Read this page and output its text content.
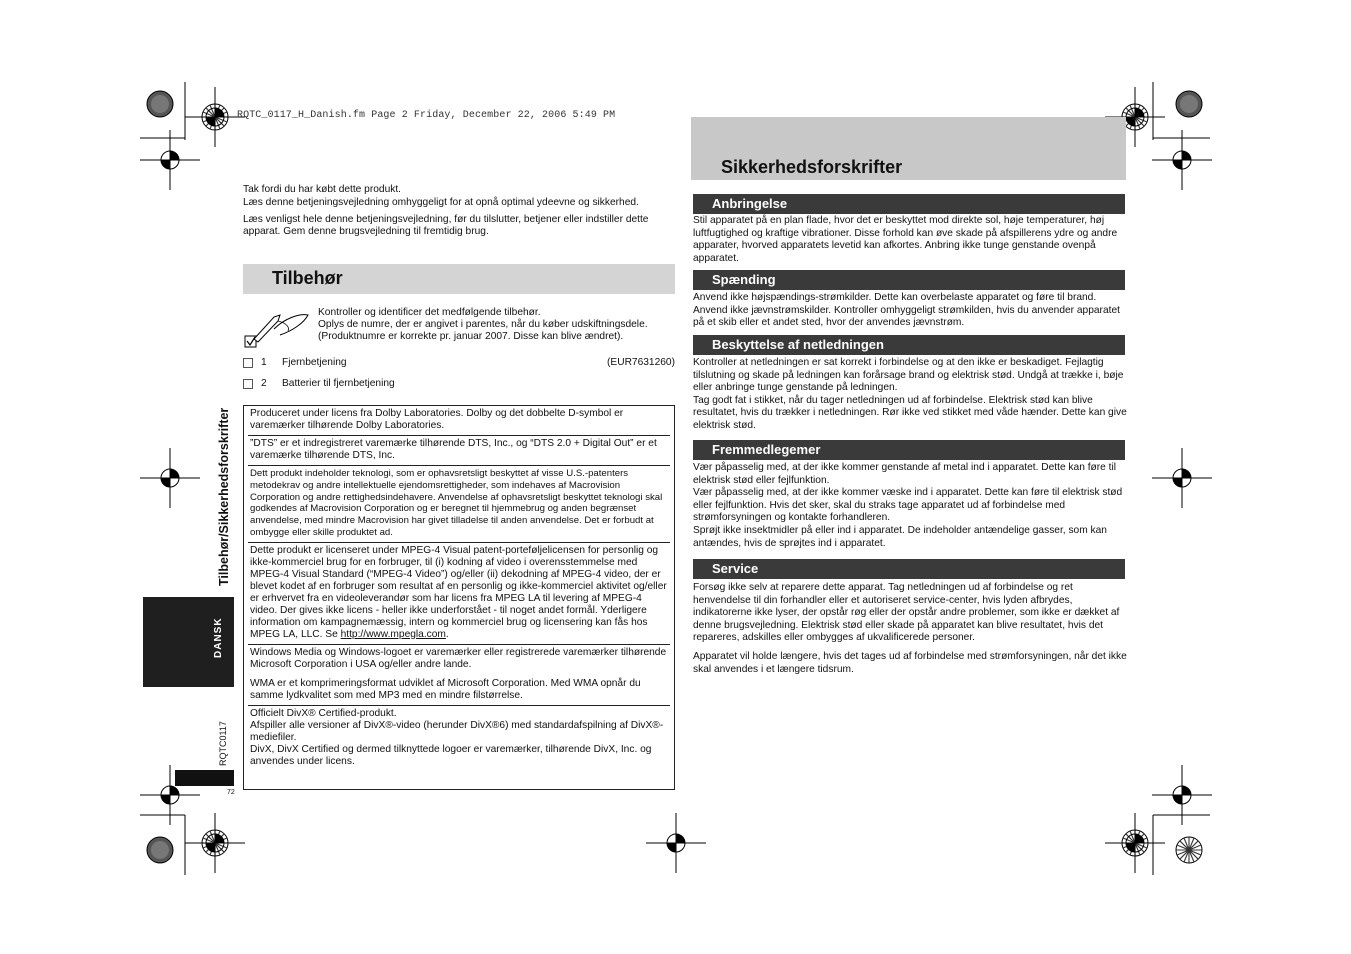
RQTC_0117_H_Danish.fm Page 2 Friday, December 22, 2006 5:49 PM

Tak fordi du har købt dette produkt.

Læs denne betjeningsvejledning omhyggeligt for at opnå optimal ydeevne og sikkerhed.

Læs venligst hele denne betjeningsvejledning, før du tilslutter, betjener eller indstiller dette apparat. Gem denne brugsvejledning til fremtidig brug.

Tilbehør
Kontroller og identificer det medfølgende tilbehør.
Oplys de numre, der er angivet i parentes, når du køber udskiftningsdele.
(Produktnumre er korrekte pr. januar 2007. Disse kan blive ændret).
1 Fjernbetjening	(EUR7631260)
2 Batterier til fjernbetjening

Produceret under licens fra Dolby Laboratories. Dolby og det dobbelte D-symbol er varemærker tilhørende Dolby Laboratories.

”DTS” er et indregistreret varemærke tilhørende DTS, Inc., og “DTS 2.0 + Digital Out” er et varemærke tilhørende DTS, Inc.

Dett produkt indeholder teknologi, som er ophavsretsligt beskyttet af visse U.S.-patenters metodekrav og andre intellektuelle ejendomsrettigheder, som indehaves af Macrovision Corporation og andre rettighedsindehavere. Anvendelse af ophavsretsligt beskyttet teknologi skal godkendes af Macrovision Corporation og er beregnet til hjemmebrug og anden begrænset anvendelse, med mindre Macrovision har givet tilladelse til anden anvendelse. Det er forbudt at ombygge eller skille produktet ad.

Dette produkt er licenseret under MPEG-4 Visual patent-porteføljelicensen for personlig og ikke-kommerciel brug for en forbruger, til (i) kodning af video i overensstemmelse med MPEG-4 Visual Standard (“MPEG-4 Video”) og/eller (ii) dekodning af MPEG-4 video, der er blevet kodet af en forbruger som resultat af en personlig og ikke-kommerciel aktivitet og/eller er erhvervet fra en videoleverandør som har licens fra MPEG LA til levering af MPEG-4 video. Der gives ikke licens - heller ikke underforstået - til noget andet formål. Yderligere information om kampagnemæssig, intern og kommerciel brug og licensering kan fås hos MPEG LA, LLC. Se http://www.mpegla.com.

Windows Media og Windows-logoet er varemærker eller registrerede varemærker tilhørende Microsoft Corporation i USA og/eller andre lande.

WMA er et komprimeringsformat udviklet af Microsoft Corporation. Med WMA opnår du samme lydkvalitet som med MP3 med en mindre filstørrelse.

Officielt DivX® Certified-produkt.

Afspiller alle versioner af DivX®-video (herunder DivX®6) med standardafspilning af DivX®-mediefiler.

DivX, DivX Certified og dermed tilknyttede logoer er varemærker, tilhørende DivX, Inc. og anvendes under licens.

Tilbehør/Sikkerhedsforskrifter
DANSK
RQTC0117
72
Sikkerhedsforskrifter
Anbringelse

Stil apparatet på en plan flade, hvor det er beskyttet mod direkte sol, høje temperaturer, høj luftfugtighed og kraftige vibrationer. Disse forhold kan øve skade på afspillerens ydre og andre apparater, hvorved apparatets levetid kan afkortes. Anbring ikke tunge genstande ovenpå apparatet.

Spænding

Anvend ikke højspændings-strømkilder. Dette kan overbelaste apparatet og føre til brand. Anvend ikke jævnstrømskilder. Kontroller omhyggeligt strømkilden, hvis du anvender apparatet på et skib eller et andet sted, hvor der anvendes jævnstrøm.

Beskyttelse af netledningen

Kontroller at netledningen er sat korrekt i forbindelse og at den ikke er beskadiget. Fejlagtig tilslutning og skade på ledningen kan forårsage brand og elektrisk stød. Undgå at trække i, bøje eller anbringe tunge genstande på ledningen.

Tag godt fat i stikket, når du tager netledningen ud af forbindelse. Elektrisk stød kan blive resultatet, hvis du trækker i netledningen. Rør ikke ved stikket med våde hænder. Dette kan give elektrisk stød.

Fremmedlegemer

Vær påpasselig med, at der ikke kommer genstande af metal ind i apparatet. Dette kan føre til elektrisk stød eller fejlfunktion.

Vær påpasselig med, at der ikke kommer væske ind i apparatet. Dette kan føre til elektrisk stød eller fejlfunktion. Hvis det sker, skal du straks tage apparatet ud af forbindelse med strømforsyningen og kontakte forhandleren.

Sprøjt ikke insektmidler på eller ind i apparatet. De indeholder antændelige gasser, som kan antændes, hvis de sprøjtes ind i apparatet.

Service

Forsøg ikke selv at reparere dette apparat. Tag netledningen ud af forbindelse og ret henvendelse til din forhandler eller et autoriseret service-center, hvis lyden afbrydes, indikatorerne ikke lyser, der opstår røg eller der opstår andre problemer, som ikke er dækket af denne brugsvejledning. Elektrisk stød eller skade på apparatet kan blive resultatet, hvis det repareres, adskilles eller ombygges af ukvalificerede personer.

Apparatet vil holde længere, hvis det tages ud af forbindelse med strømforsyningen, når det ikke skal anvendes i et længere tidsrum.
